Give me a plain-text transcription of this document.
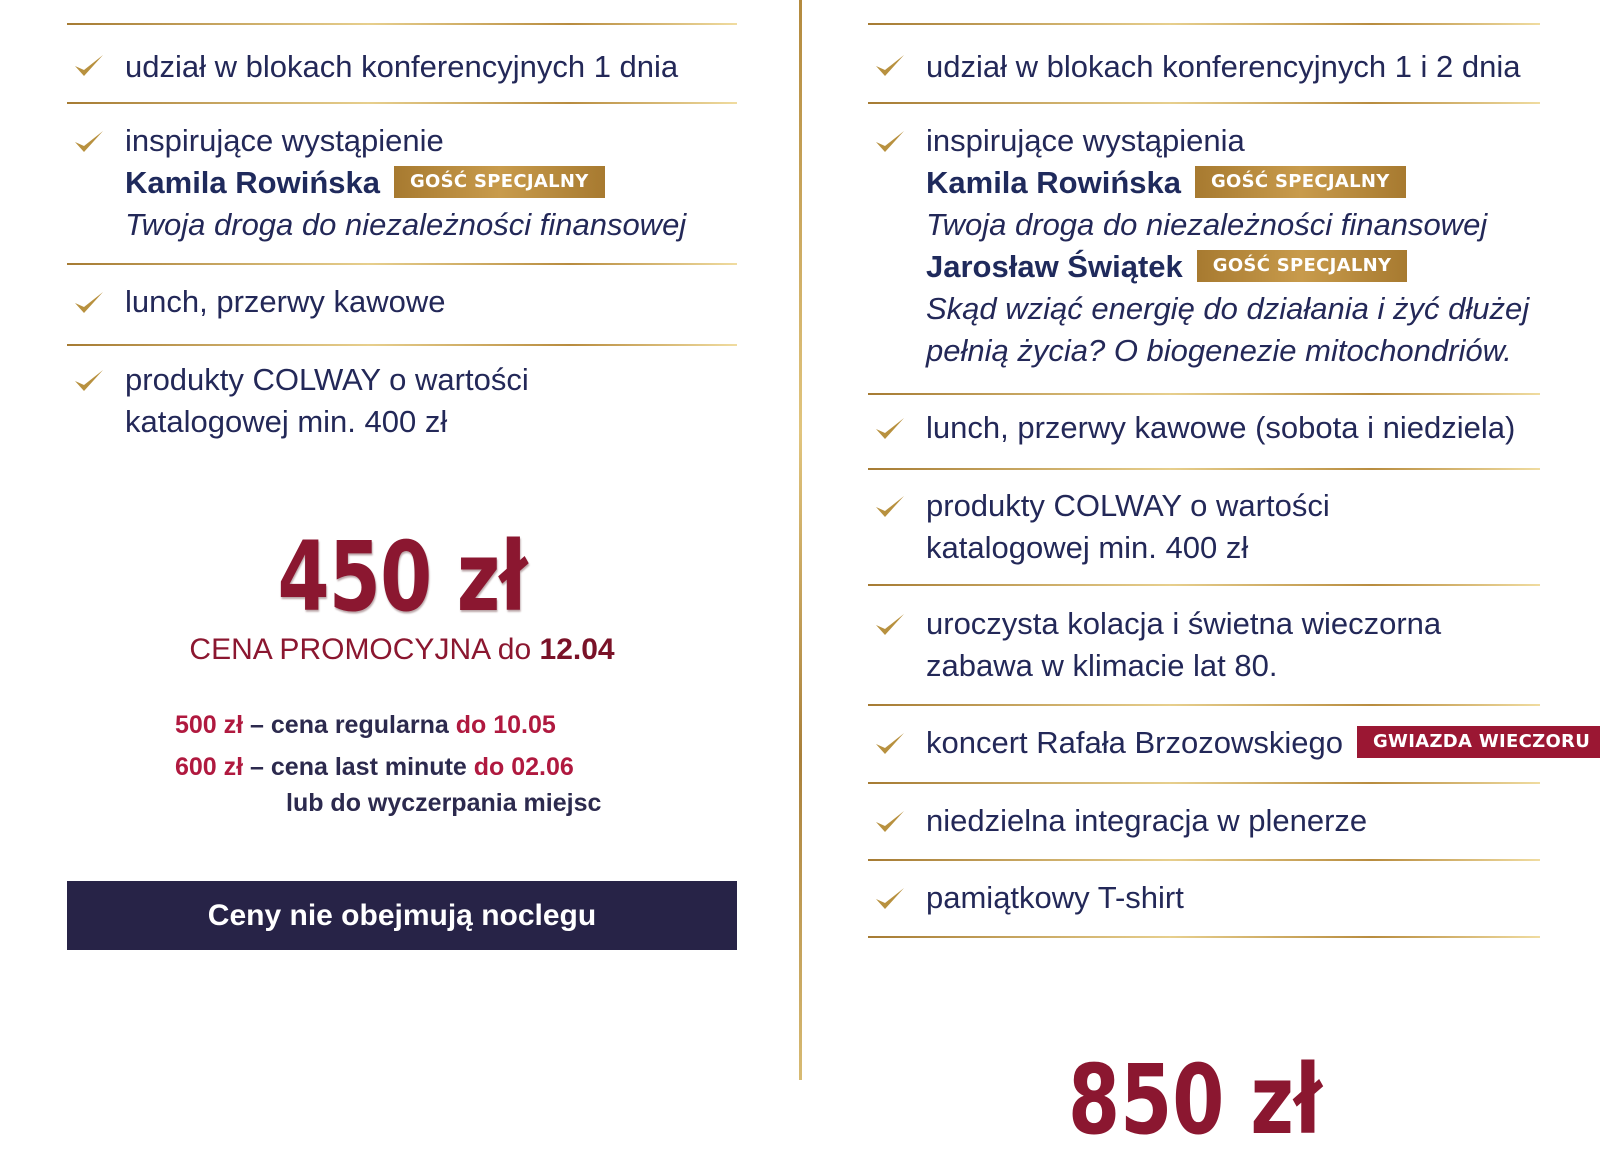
udział w blokach konferencyjnych 1 dnia
inspirujące wystąpienie
Kamila Rowińska GOŚĆ SPECJALNY
Twoja droga do niezależności finansowej
lunch, przerwy kawowe
produkty COLWAY o wartości
katalogowej min. 400 zł
450 zł
CENA PROMOCYJNA do 12.04
500 zł – cena regularna do 10.05
600 zł – cena last minute do 02.06
lub do wyczerpania miejsc
Ceny nie obejmują noclegu
udział w blokach konferencyjnych 1 i 2 dnia
inspirujące wystąpienia
Kamila Rowińska GOŚĆ SPECJALNY
Twoja droga do niezależności finansowej
Jarosław Świątek GOŚĆ SPECJALNY
Skąd wziąć energię do działania i żyć dłużej
pełnią życia? O biogenezie mitochondriów.
lunch, przerwy kawowe (sobota i niedziela)
produkty COLWAY o wartości
katalogowej min. 400 zł
uroczysta kolacja i świetna wieczorna
zabawa w klimacie lat 80.
koncert Rafała Brzozowskiego GWIAZDA WIECZORU
niedzielna integracja w plenerze
pamiątkowy T-shirt
850 zł
